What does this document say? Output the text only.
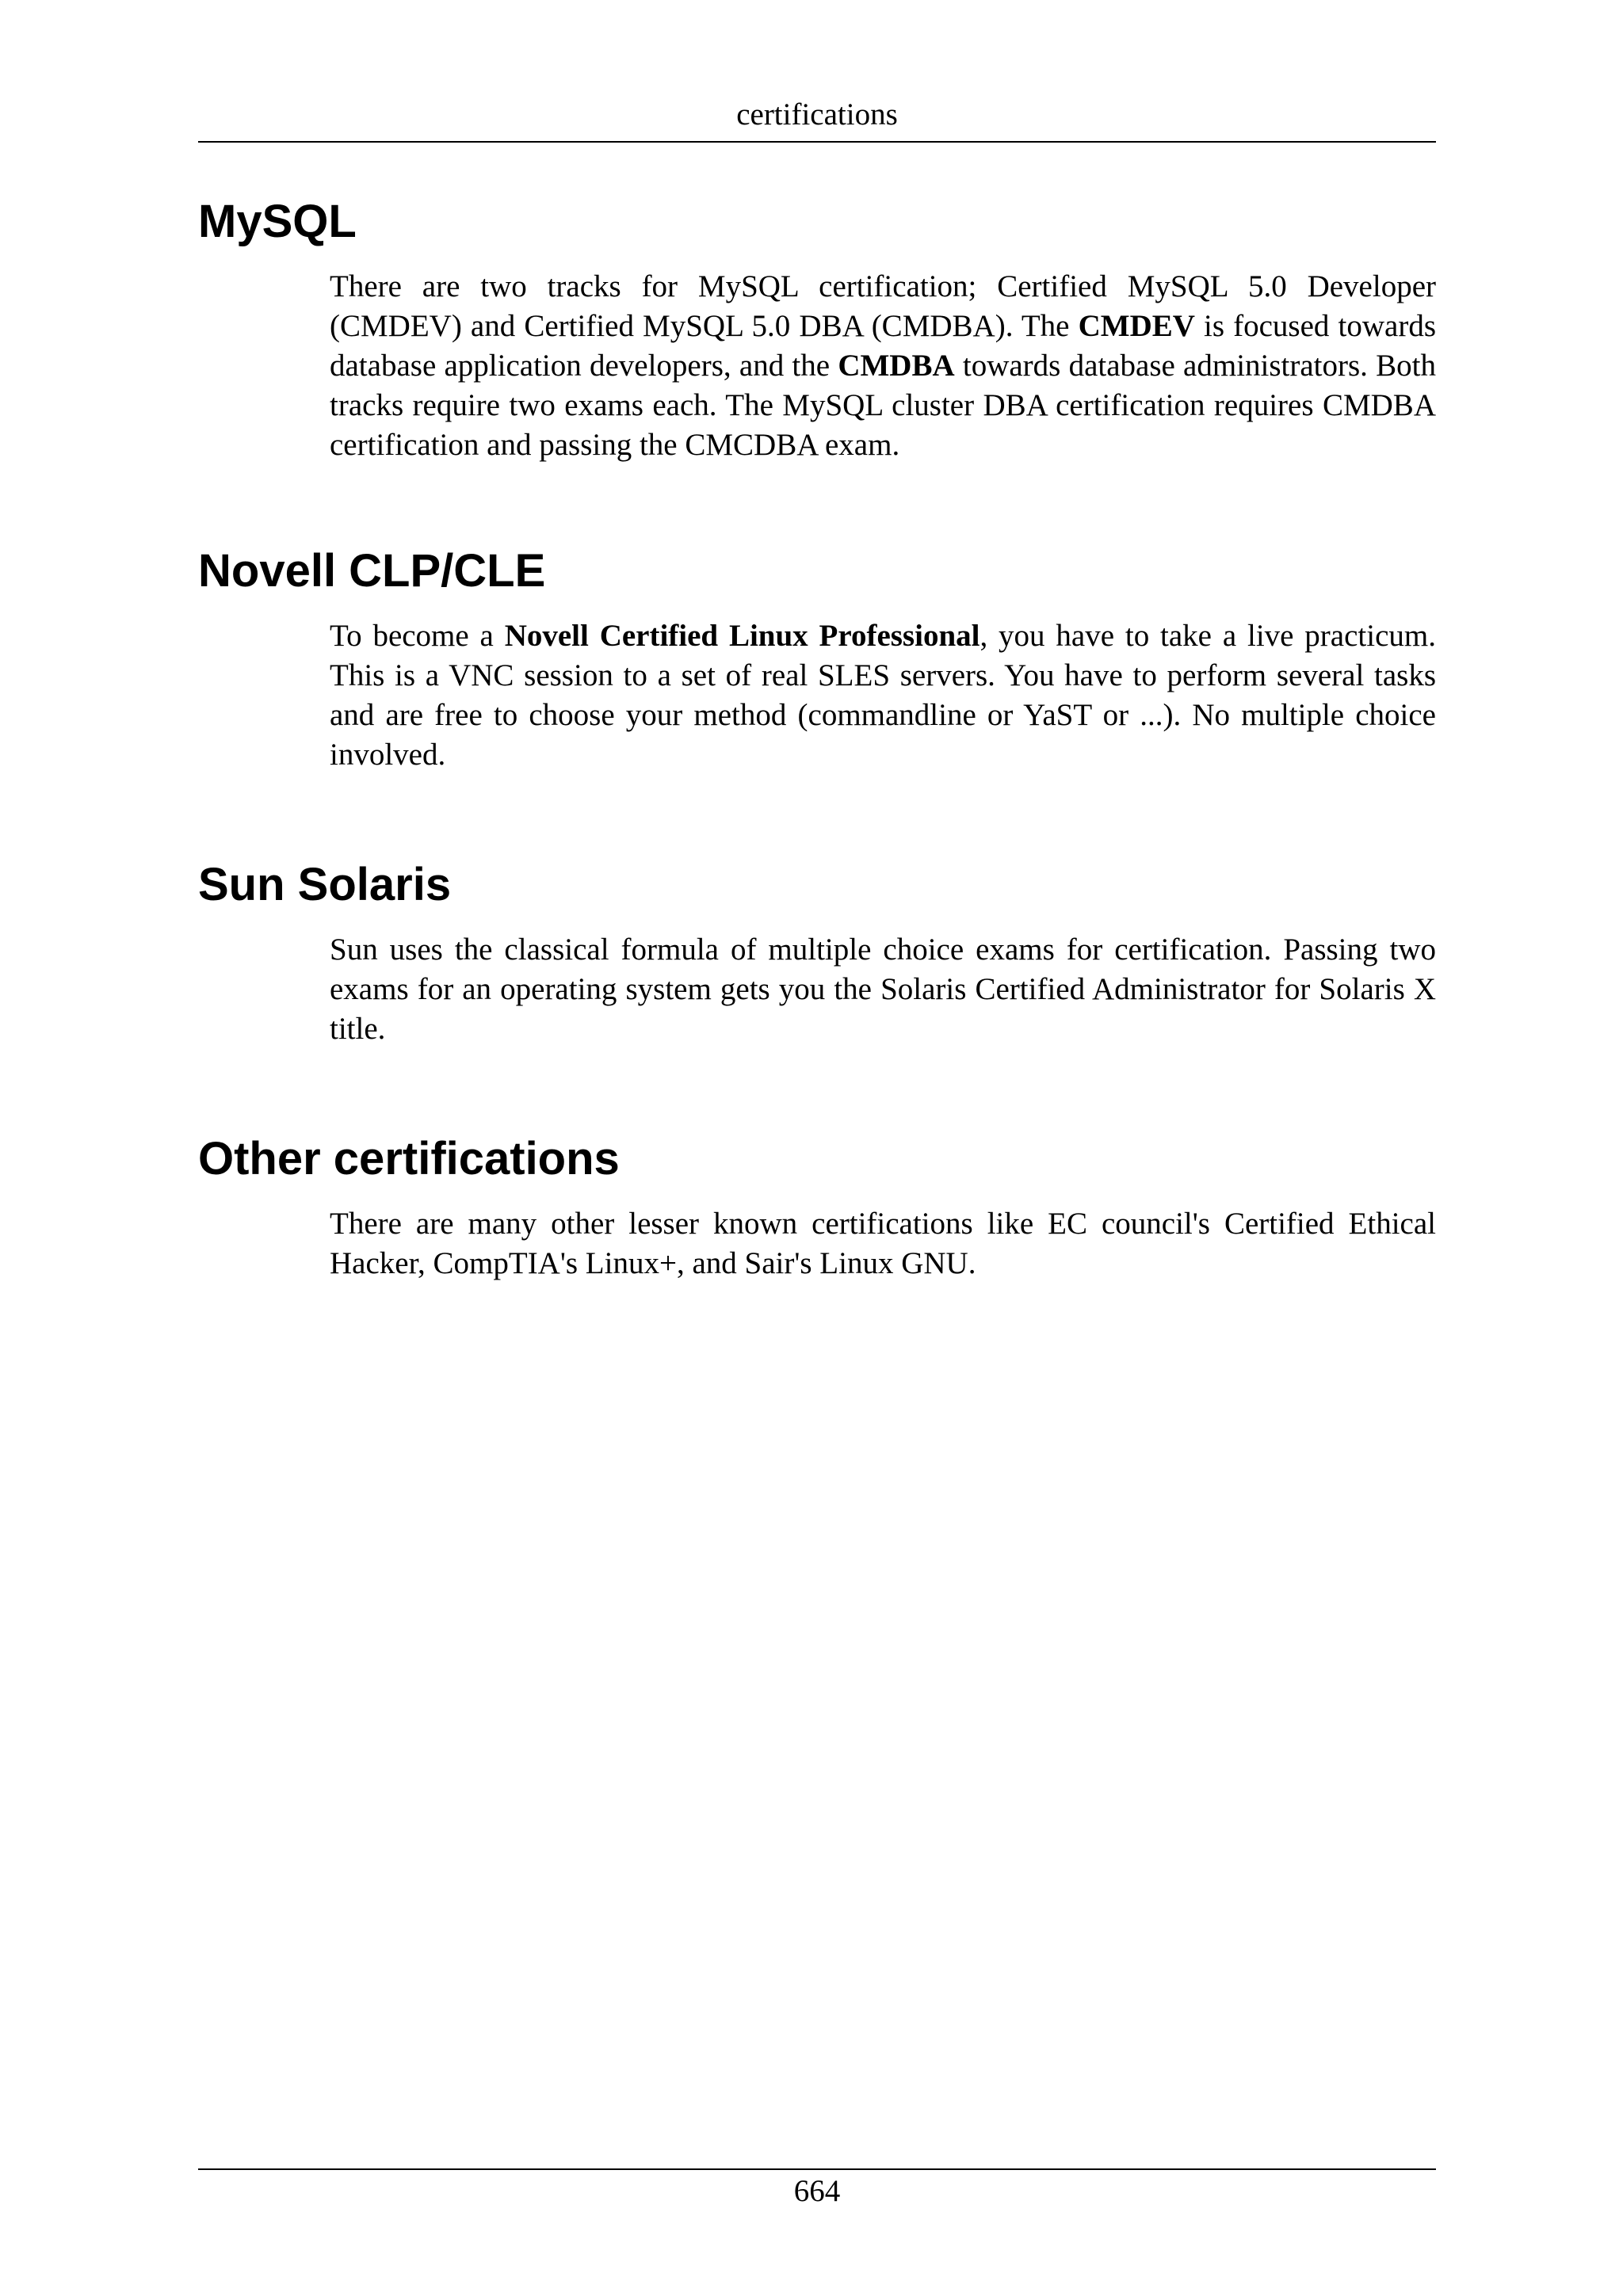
certifications
MySQL

There are two tracks for MySQL certification; Certified MySQL 5.0 Developer (CMDEV) and Certified MySQL 5.0 DBA (CMDBA). The CMDEV is focused towards database application developers, and the CMDBA towards database administrators. Both tracks require two exams each. The MySQL cluster DBA certification requires CMDBA certification and passing the CMCDBA exam.

Novell CLP/CLE

To become a Novell Certified Linux Professional, you have to take a live practicum. This is a VNC session to a set of real SLES servers. You have to perform several tasks and are free to choose your method (commandline or YaST or ...). No multiple choice involved.

Sun Solaris

Sun uses the classical formula of multiple choice exams for certification. Passing two exams for an operating system gets you the Solaris Certified Administrator for Solaris X title.

Other certifications

There are many other lesser known certifications like EC council's Certified Ethical Hacker, CompTIA's Linux+, and Sair's Linux GNU.

664
